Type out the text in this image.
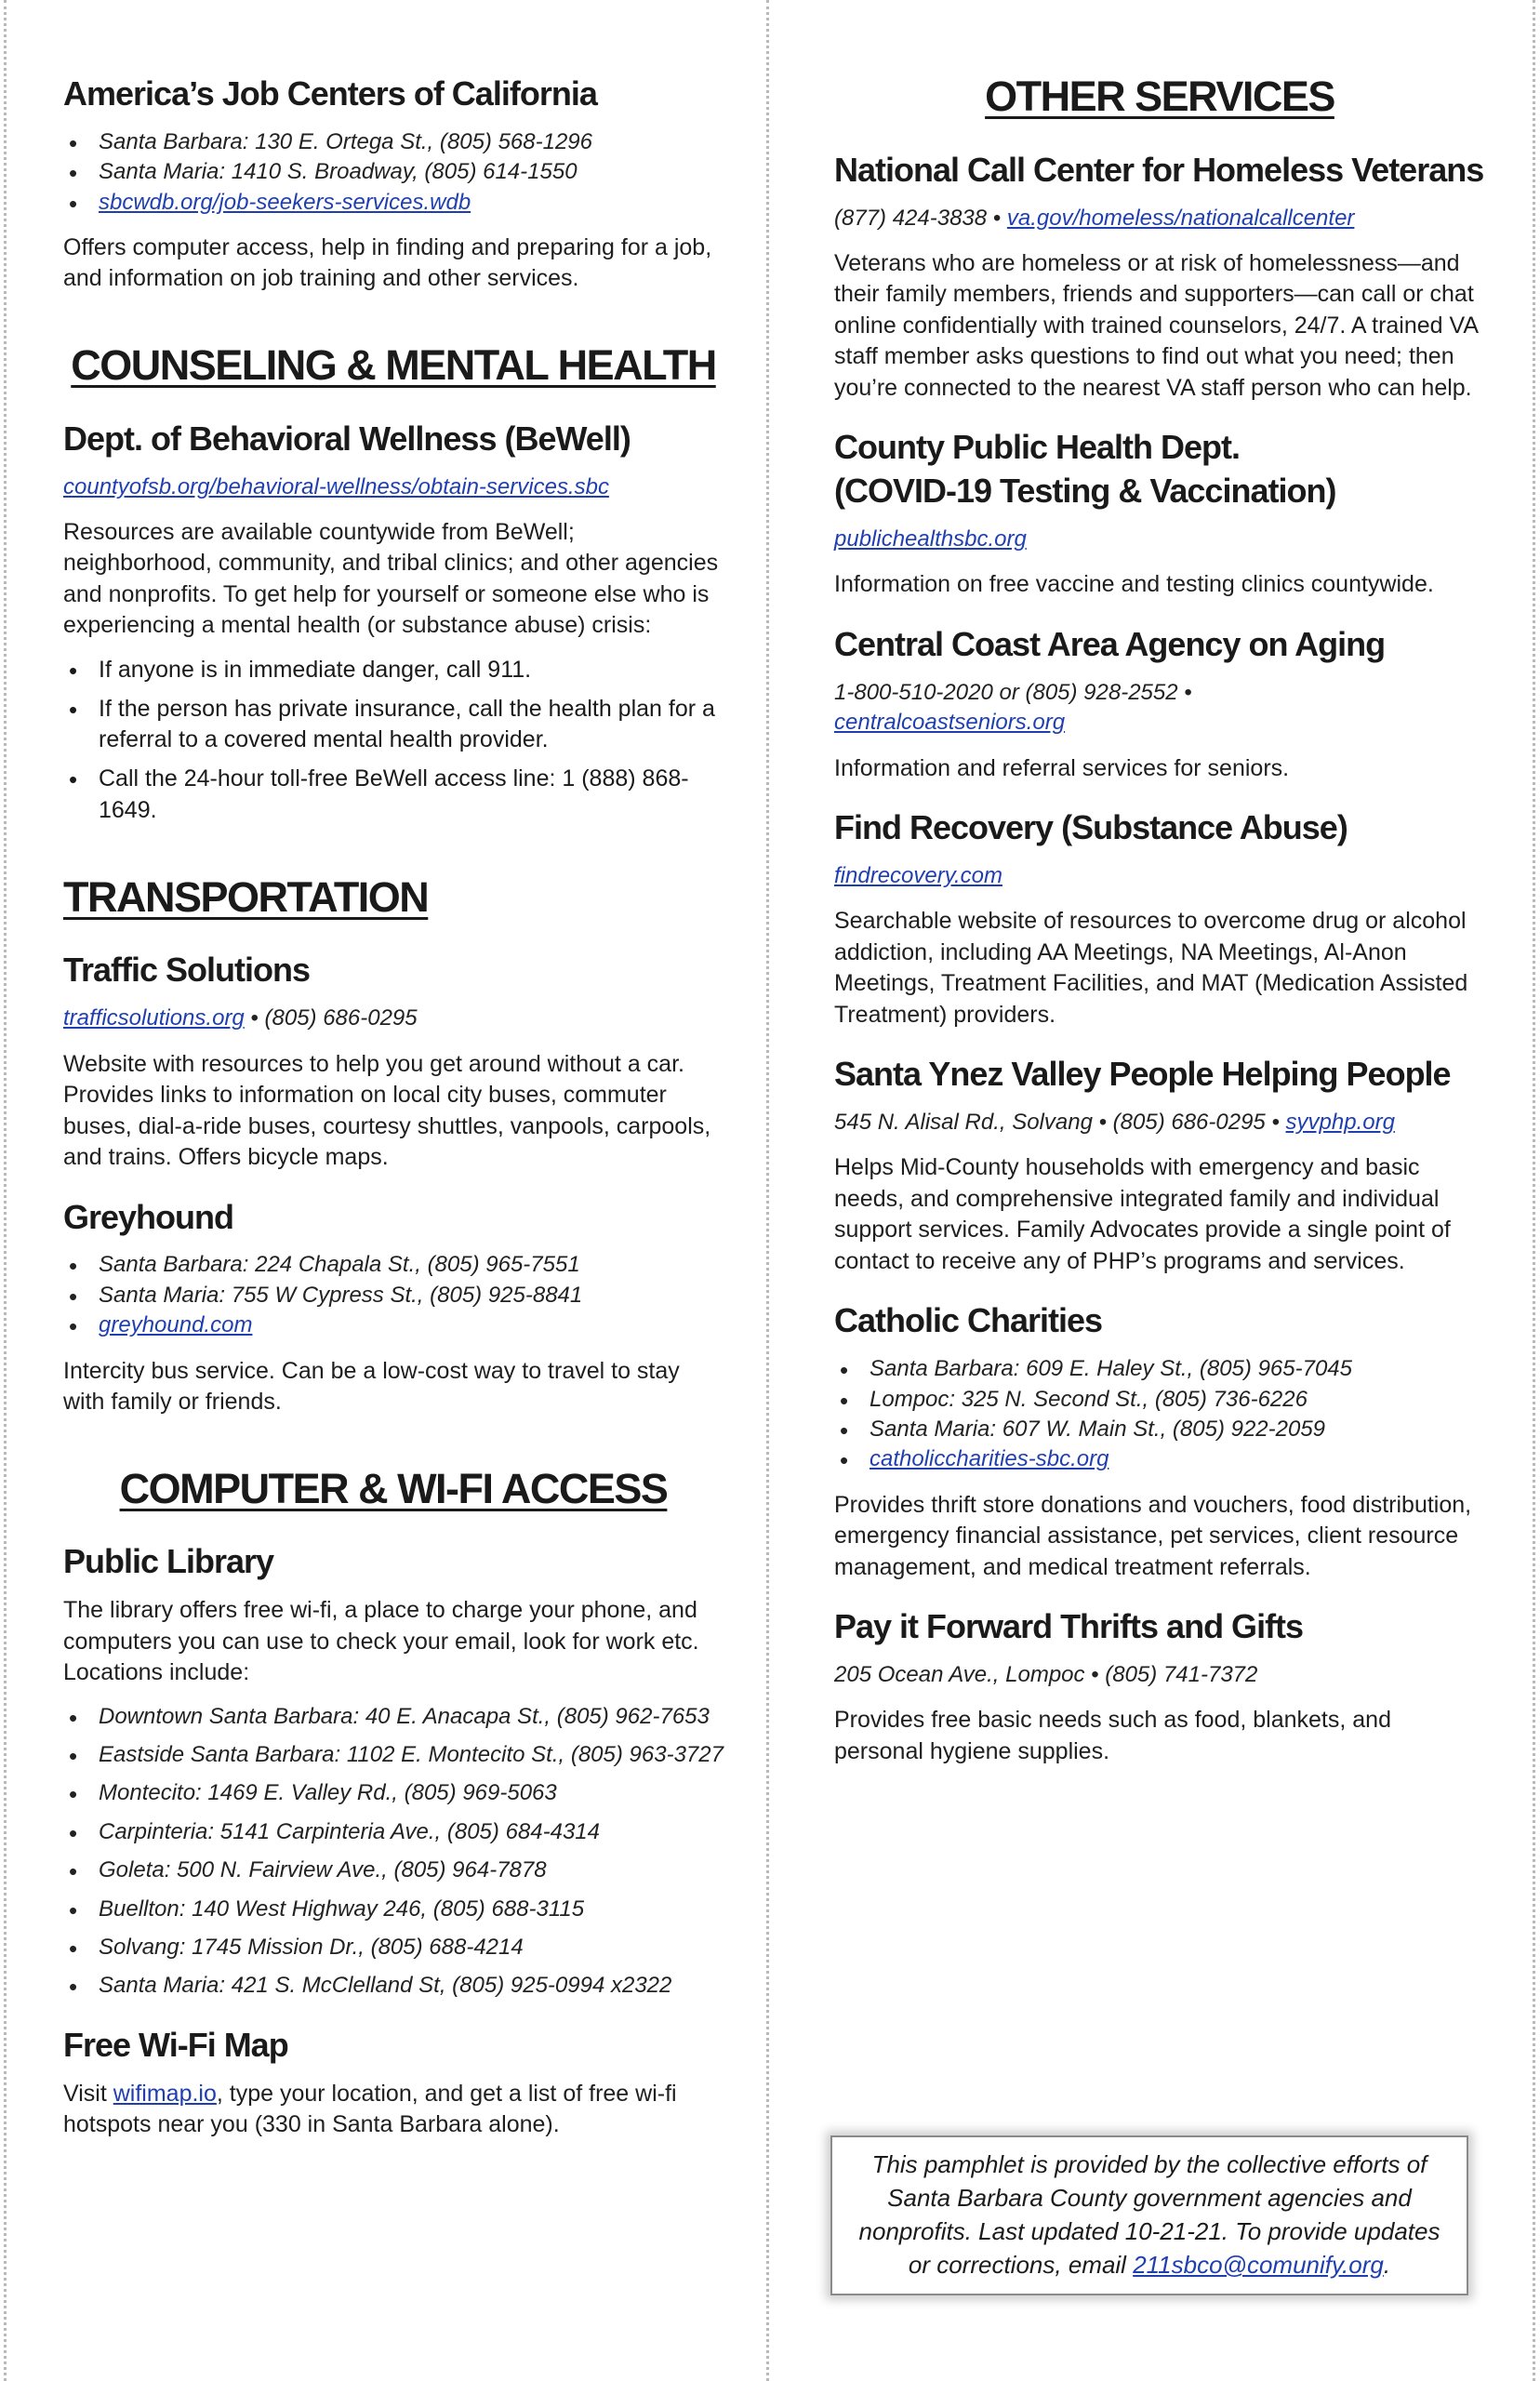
America’s Job Centers of California
• Santa Barbara: 130 E. Ortega St., (805) 568-1296
• Santa Maria: 1410 S. Broadway, (805) 614-1550
• sbcwdb.org/job-seekers-services.wdb

Offers computer access, help in finding and preparing for a job, and information on job training and other services.

COUNSELING & MENTAL HEALTH
Dept. of Behavioral Wellness (BeWell)

countyofsb.org/behavioral-wellness/obtain-services.sbc

Resources are available countywide from BeWell; neighborhood, community, and tribal clinics; and other agencies and nonprofits. To get help for yourself or someone else who is experiencing a mental health (or substance abuse) crisis:

• If anyone is in immediate danger, call 911.
• If the person has private insurance, call the health plan for a referral to a covered mental health provider.
• Call the 24-hour toll-free BeWell access line: 1 (888) 868-1649.
TRANSPORTATION
Traffic Solutions

trafficsolutions.org • (805) 686-0295

Website with resources to help you get around without a car. Provides links to information on local city buses, commuter buses, dial-a-ride buses, courtesy shuttles, vanpools, carpools, and trains. Offers bicycle maps.

Greyhound
• Santa Barbara: 224 Chapala St., (805) 965-7551
• Santa Maria: 755 W Cypress St., (805) 925-8841
• greyhound.com

Intercity bus service. Can be a low-cost way to travel to stay with family or friends.

COMPUTER & WI-FI ACCESS
Public Library

The library offers free wi-fi, a place to charge your phone, and computers you can use to check your email, look for work etc. Locations include:

• Downtown Santa Barbara: 40 E. Anacapa St., (805) 962-7653
• Eastside Santa Barbara: 1102 E. Montecito St., (805) 963-3727
• Montecito: 1469 E. Valley Rd., (805) 969-5063
• Carpinteria: 5141 Carpinteria Ave., (805) 684-4314
• Goleta: 500 N. Fairview Ave., (805) 964-7878
• Buellton: 140 West Highway 246, (805) 688-3115
• Solvang: 1745 Mission Dr., (805) 688-4214
• Santa Maria: 421 S. McClelland St, (805) 925-0994 x2322
Free Wi-Fi Map

Visit wifimap.io, type your location, and get a list of free wi-fi hotspots near you (330 in Santa Barbara alone).

OTHER SERVICES
National Call Center for Homeless Veterans

(877) 424-3838 • va.gov/homeless/nationalcallcenter

Veterans who are homeless or at risk of homelessness—and their family members, friends and supporters—can call or chat online confidentially with trained counselors, 24/7. A trained VA staff member asks questions to find out what you need; then you’re connected to the nearest VA staff person who can help.

County Public Health Dept.
(COVID-19 Testing & Vaccination)

publichealthsbc.org

Information on free vaccine and testing clinics countywide.

Central Coast Area Agency on Aging

1-800-510-2020 or (805) 928-2552 •
centralcoastseniors.org

Information and referral services for seniors.

Find Recovery (Substance Abuse)

findrecovery.com

Searchable website of resources to overcome drug or alcohol addiction, including AA Meetings, NA Meetings, Al-Anon Meetings, Treatment Facilities, and MAT (Medication Assisted Treatment) providers.

Santa Ynez Valley People Helping People

545 N. Alisal Rd., Solvang • (805) 686-0295 • syvphp.org

Helps Mid-County households with emergency and basic needs, and comprehensive integrated family and individual support services. Family Advocates provide a single point of contact to receive any of PHP’s programs and services.

Catholic Charities
• Santa Barbara: 609 E. Haley St., (805) 965-7045
• Lompoc: 325 N. Second St., (805) 736-6226
• Santa Maria: 607 W. Main St., (805) 922-2059
• catholiccharities-sbc.org

Provides thrift store donations and vouchers, food distribution, emergency financial assistance, pet services, client resource management, and medical treatment referrals.

Pay it Forward Thrifts and Gifts

205 Ocean Ave., Lompoc • (805) 741-7372

Provides free basic needs such as food, blankets, and personal hygiene supplies.

This pamphlet is provided by the collective efforts of Santa Barbara County government agencies and nonprofits. Last updated 10-21-21. To provide updates or corrections, email 211sbco@comunify.org.
